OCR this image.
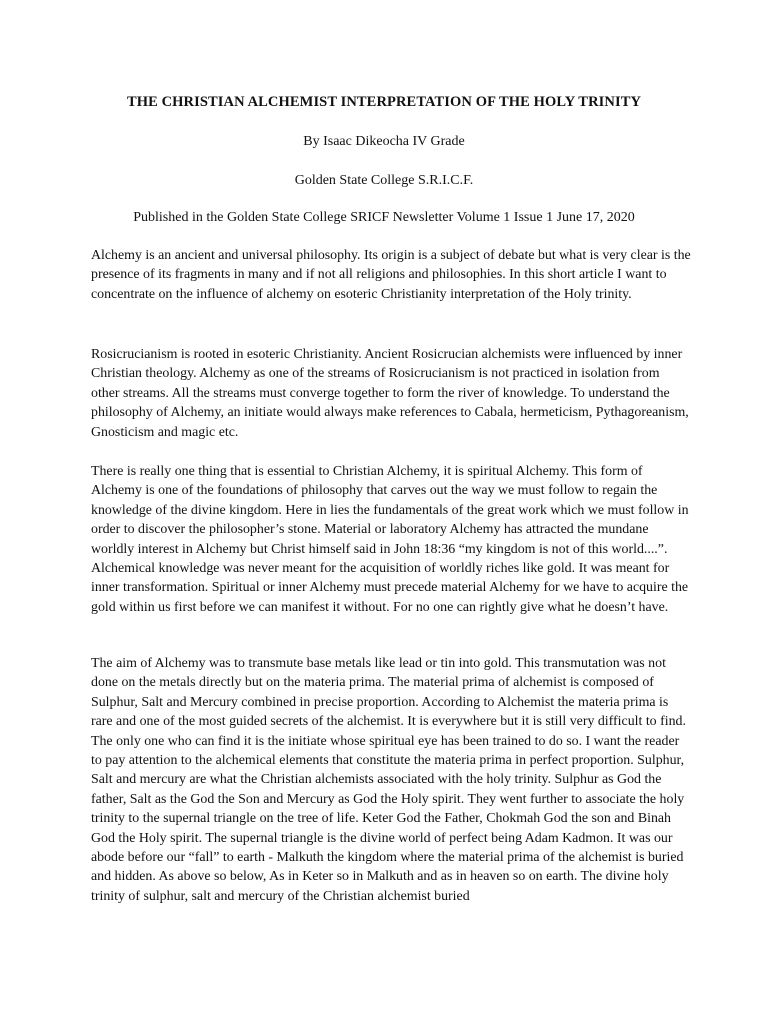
THE CHRISTIAN ALCHEMIST INTERPRETATION OF THE HOLY TRINITY
By Isaac Dikeocha IV Grade
Golden State College S.R.I.C.F.
Published in the Golden State College SRICF Newsletter Volume 1 Issue 1 June 17, 2020

Alchemy is an ancient and universal philosophy. Its origin is a subject of debate but what is very clear is the presence of its fragments in many and if not all religions and philosophies. In this short article I want to concentrate on the influence of alchemy on esoteric Christianity interpretation of the Holy trinity.

Rosicrucianism is rooted in esoteric Christianity. Ancient Rosicrucian alchemists were influenced by inner Christian theology. Alchemy as one of the streams of Rosicrucianism is not practiced in isolation from other streams. All the streams must converge together to form the river of knowledge. To understand the philosophy of Alchemy, an initiate would always make references to Cabala, hermeticism, Pythagoreanism, Gnosticism and magic etc.

There is really one thing that is essential to Christian Alchemy, it is spiritual Alchemy. This form of Alchemy is one of the foundations of philosophy that carves out the way we must follow to regain the knowledge of the divine kingdom. Here in lies the fundamentals of the great work which we must follow in order to discover the philosopher’s stone. Material or laboratory Alchemy has attracted the mundane worldly interest in Alchemy but Christ himself said in John 18:36 “my kingdom is not of this world....”. Alchemical knowledge was never meant for the acquisition of worldly riches like gold. It was meant for inner transformation. Spiritual or inner Alchemy must precede material Alchemy for we have to acquire the gold within us first before we can manifest it without. For no one can rightly give what he doesn’t have.

The aim of Alchemy was to transmute base metals like lead or tin into gold. This transmutation was not done on the metals directly but on the materia prima. The material prima of alchemist is composed of Sulphur, Salt and Mercury combined in precise proportion. According to Alchemist the materia prima is rare and one of the most guided secrets of the alchemist. It is everywhere but it is still very difficult to find. The only one who can find it is the initiate whose spiritual eye has been trained to do so. I want the reader to pay attention to the alchemical elements that constitute the materia prima in perfect proportion. Sulphur, Salt and mercury are what the Christian alchemists associated with the holy trinity. Sulphur as God the father, Salt as the God the Son and Mercury as God the Holy spirit. They went further to associate the holy trinity to the supernal triangle on the tree of life. Keter God the Father, Chokmah God the son and Binah God the Holy spirit. The supernal triangle is the divine world of perfect being Adam Kadmon. It was our abode before our “fall” to earth - Malkuth the kingdom where the material prima of the alchemist is buried and hidden. As above so below, As in Keter so in Malkuth and as in heaven so on earth. The divine holy trinity of sulphur, salt and mercury of the Christian alchemist buried
